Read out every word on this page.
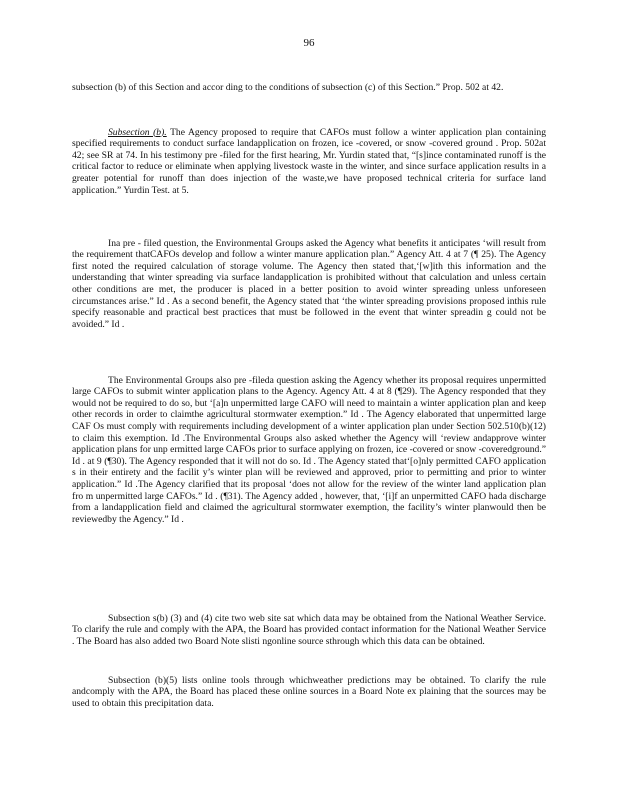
96

subsection (b) of this Section and accor ding to the conditions of subsection (c) of this Section.” Prop. 502 at 42.

Subsection (b). The Agency proposed to require that CAFOs must follow a winter application plan containing specified requirements to conduct surface landapplication on frozen, ice -covered, or snow -covered ground . Prop. 502at 42; see SR at 74. In his testimony pre -filed for the first hearing, Mr. Yurdin stated that, “[s]ince contaminated runoff is the critical factor to reduce or eliminate when applying livestock waste in the winter, and since surface application results in a greater potential for runoff than does injection of the waste,we have proposed technical criteria for surface land application.” Yurdin Test. at 5.

Ina pre - filed question, the Environmental Groups asked the Agency what benefits it anticipates ‘will result from the requirement thatCAFOs develop and follow a winter manure application plan.” Agency Att. 4 at 7 (¶ 25). The Agency first noted the required calculation of storage volume. The Agency then stated that,‘[w]ith this information and the understanding that winter spreading via surface landapplication is prohibited without that calculation and unless certain other conditions are met, the producer is placed in a better position to avoid winter spreading unless unforeseen circumstances arise.” Id . As a second benefit, the Agency stated that ‘the winter spreading provisions proposed inthis rule specify reasonable and practical best practices that must be followed in the event that winter spreadin g could not be avoided.” Id .

The Environmental Groups also pre -fileda question asking the Agency whether its proposal requires unpermitted large CAFOs to submit winter application plans to the Agency. Agency Att. 4 at 8 (¶29). The Agency responded that they would not be required to do so, but ‘[a]n unpermitted large CAFO will need to maintain a winter application plan and keep other records in order to claimthe agricultural stormwater exemption.” Id . The Agency elaborated that unpermitted large CAF Os must comply with requirements including development of a winter application plan under Section 502.510(b)(12) to claim this exemption. Id .The Environmental Groups also asked whether the Agency will ‘review andapprove winter application plans for unp ermitted large CAFOs prior to surface applying on frozen, ice -covered or snow -coveredground.” Id . at 9 (¶30). The Agency responded that it will not do so. Id . The Agency stated that‘[o]nly permitted CAFO application s in their entirety and the facilit y’s winter plan will be reviewed and approved, prior to permitting and prior to winter application.” Id .The Agency clarified that its proposal ‘does not allow for the review of the winter land application plan fro m unpermitted large CAFOs.” Id . (¶31). The Agency added , however, that, ‘[i]f an unpermitted CAFO hada discharge from a landapplication field and claimed the agricultural stormwater exemption, the facility’s winter planwould then be reviewedby the Agency.” Id .

Subsection s(b) (3) and (4) cite two web site sat which data may be obtained from the National Weather Service. To clarify the rule and comply with the APA, the Board has provided contact information for the National Weather Service . The Board has also added two Board Note slisti ngonline source sthrough which this data can be obtained.

Subsection (b)(5) lists online tools through whichweather predictions may be obtained. To clarify the rule andcomply with the APA, the Board has placed these online sources in a Board Note ex plaining that the sources may be used to obtain this precipitation data.
